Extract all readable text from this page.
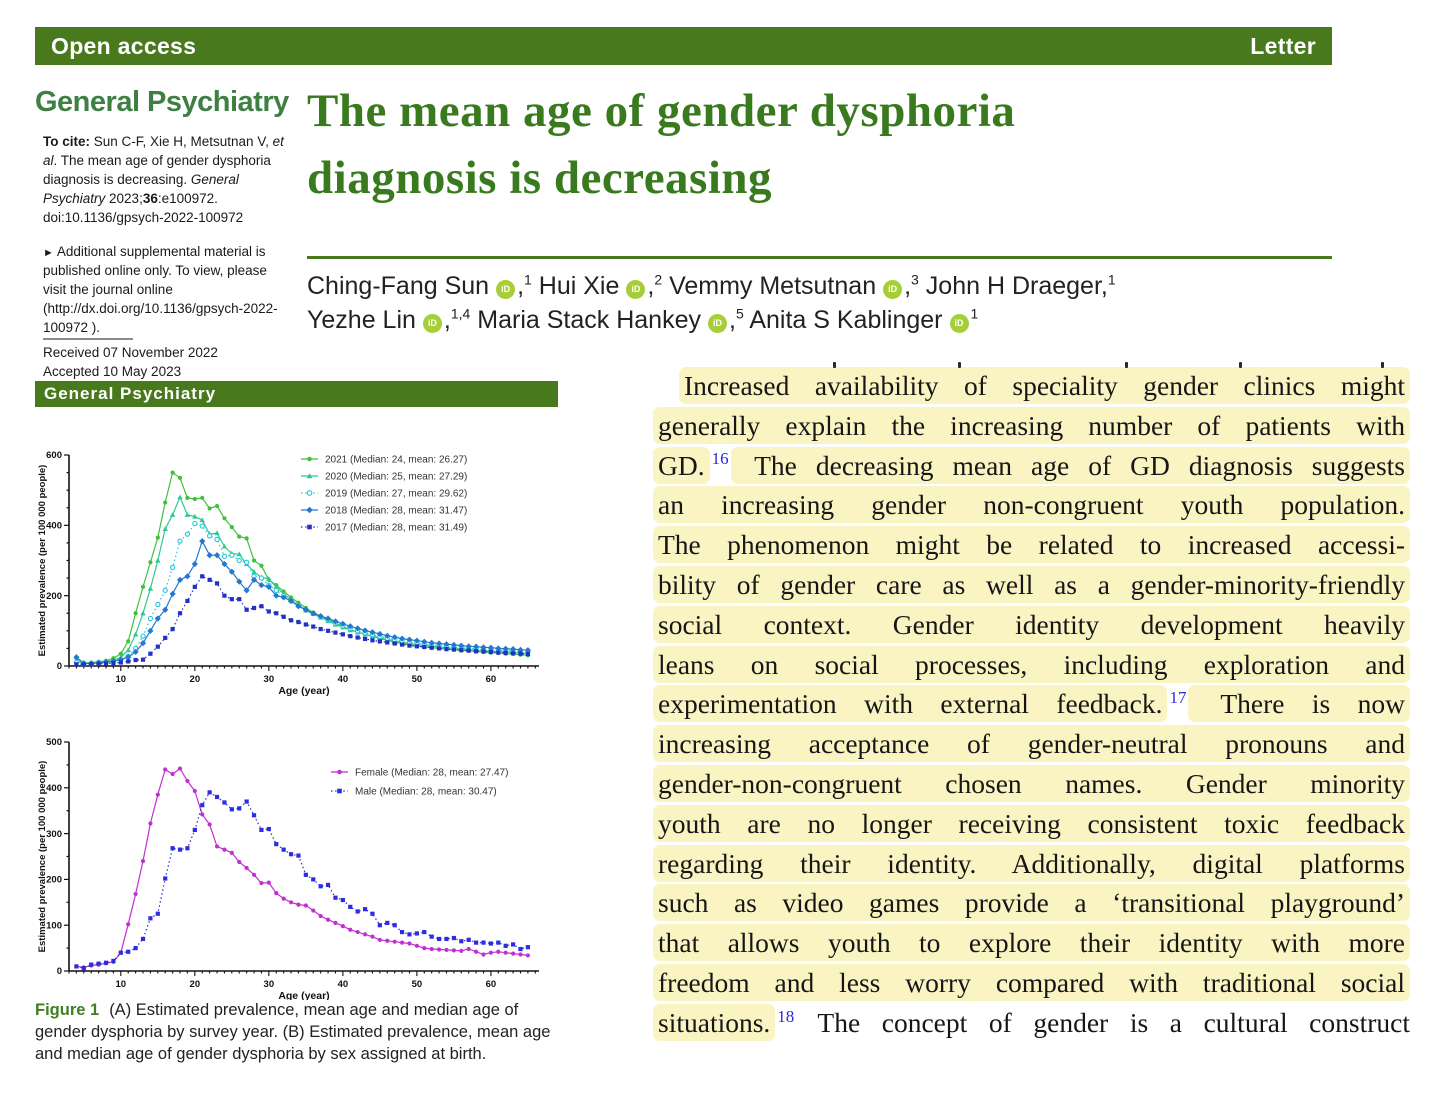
Open access	Letter
General Psychiatry

To cite: Sun C-F, Xie H, Metsutnan V, et al. The mean age of gender dysphoria diagnosis is decreasing. General Psychiatry 2023;36:e100972. doi:10.1136/gpsych-2022-100972

► Additional supplemental material is published online only. To view, please visit the journal online (http://dx.doi.org/10.1136/gpsych-2022-100972 ).

Received 07 November 2022
Accepted 10 May 2023
General Psychiatry
The mean age of gender dysphoria
diagnosis is decreasing
Ching-Fang Sun iD ,$^1$ Hui Xie iD ,$^2$ Vemmy Metsutnan iD ,$^3$ John H Draeger,$^1$
Yezhe Lin iD ,$^{1,4}$ Maria Stack Hankey iD ,$^5$ Anita S Kablinger $iD^1$
A
0
200
400
600
10	20	30	40	50	60
Age (year)
Estimated prevalence (per 100 000 people)
2021 (Median: 24, mean: 26.27)
2020 (Median: 25, mean: 27.29)
2019 (Median: 27, mean: 29.62)
2018 (Median: 28, mean: 31.47)
2017 (Median: 28, mean: 31.49)
B
0
100
200
300
400
500
10	20	30	40	50	60
Age (year)
Estimated prevalence (per 100 000 people)	Female (Median: 28, mean: 27.47)
Male (Median: 28, mean: 30.47)

Figure 1 (A) Estimated prevalence, mean age and median age of gender dysphoria by survey year. (B) Estimated prevalence, mean age and median age of gender dysphoria by sex assigned at birth.

Increased availability of speciality gender clinics might
generally explain the increasing number of patients with
GD. $^{16}$ The decreasing mean age of GD diagnosis suggests
an increasing gender non-congruent youth population.
The phenomenon might be related to increased accessi-
bility of gender care as well as a gender-minority-friendly
social context. Gender identity development heavily
leans on social processes, including exploration and
experimentation with external feedback. $^{17}$ There is now
increasing acceptance of gender-neutral pronouns and
gender-non-congruent chosen names. Gender minority
youth are no longer receiving consistent toxic feedback
regarding their identity. Additionally, digital platforms
such as video games provide a ‘transitional playground’
that allows youth to explore their identity with more
freedom and less worry compared with traditional social
situations. $^{18}$ The concept of gender is a cultural construct
